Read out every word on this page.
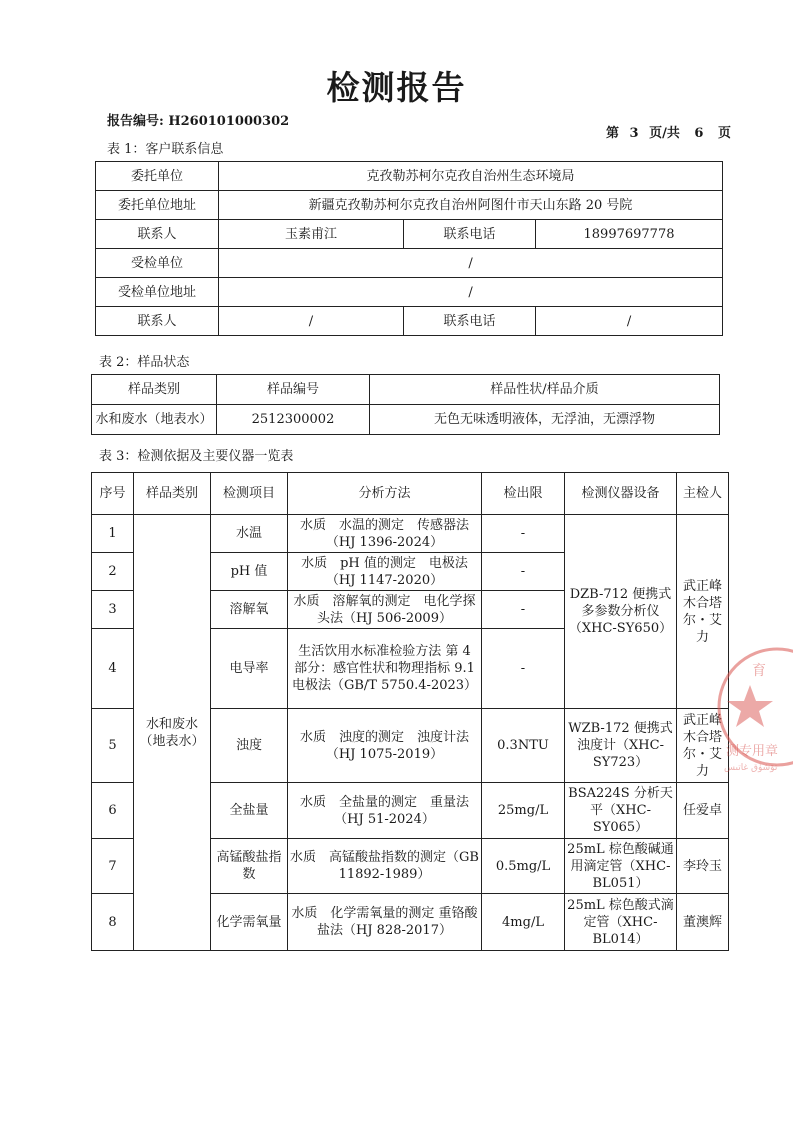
检测报告
报告编号: H260101000302
第 3 页/共 6 页
表 1：客户联系信息
委托单位	克孜勒苏柯尔克孜自治州生态环境局		
委托单位地址	新疆克孜勒苏柯尔克孜自治州阿图什市天山东路 20 号院		
联系人	玉素甫江	联系电话	18997697778
受检单位	/		
受检单位地址	/		
联系人	/	联系电话	/
表 2：样品状态
样品类别	样品编号	样品性状/样品介质
水和废水（地表水）	2512300002	无色无味透明液体，无浮油，无漂浮物
表 3：检测依据及主要仪器一览表
序号	样品类别	检测项目	分析方法	检出限	检测仪器设备	主检人
1	水和废水（地表水）	水温	水质　水温的测定　传感器法（HJ 1396-2024）	-	DZB-712 便携式多参数分析仪（XHC-SY650）	武正峰 木合塔尔・艾力
2		pH 值	水质　pH 值的测定　电极法（HJ 1147-2020）	-		
3		溶解氧	水质　溶解氧的测定　电化学探头法（HJ 506-2009）	-		
4		电导率	生活饮用水标准检验方法 第 4 部分：感官性状和物理指标 9.1 电极法（GB/T 5750.4-2023）	-		
5		浊度	水质　浊度的测定　浊度计法（HJ 1075-2019）	0.3NTU	WZB-172 便携式浊度计（XHC-SY723）	武正峰 木合塔尔・艾力
6		全盐量	水质　全盐量的测定　重量法（HJ 51-2024）	25mg/L	BSA224S 分析天平（XHC-SY065）	任爱卓
7		高锰酸盐指数	水质　高锰酸盐指数的测定（GB 11892-1989）	0.5mg/L	25mL 棕色酸碱通用滴定管（XHC-BL051）	李玲玉
8		化学需氧量	水质　化学需氧量的测定 重铬酸盐法（HJ 828-2017）	4mg/L	25mL 棕色酸式滴定管（XHC-BL014）	董澳辉
育
测专用章
تۆشۈق غاتىس
